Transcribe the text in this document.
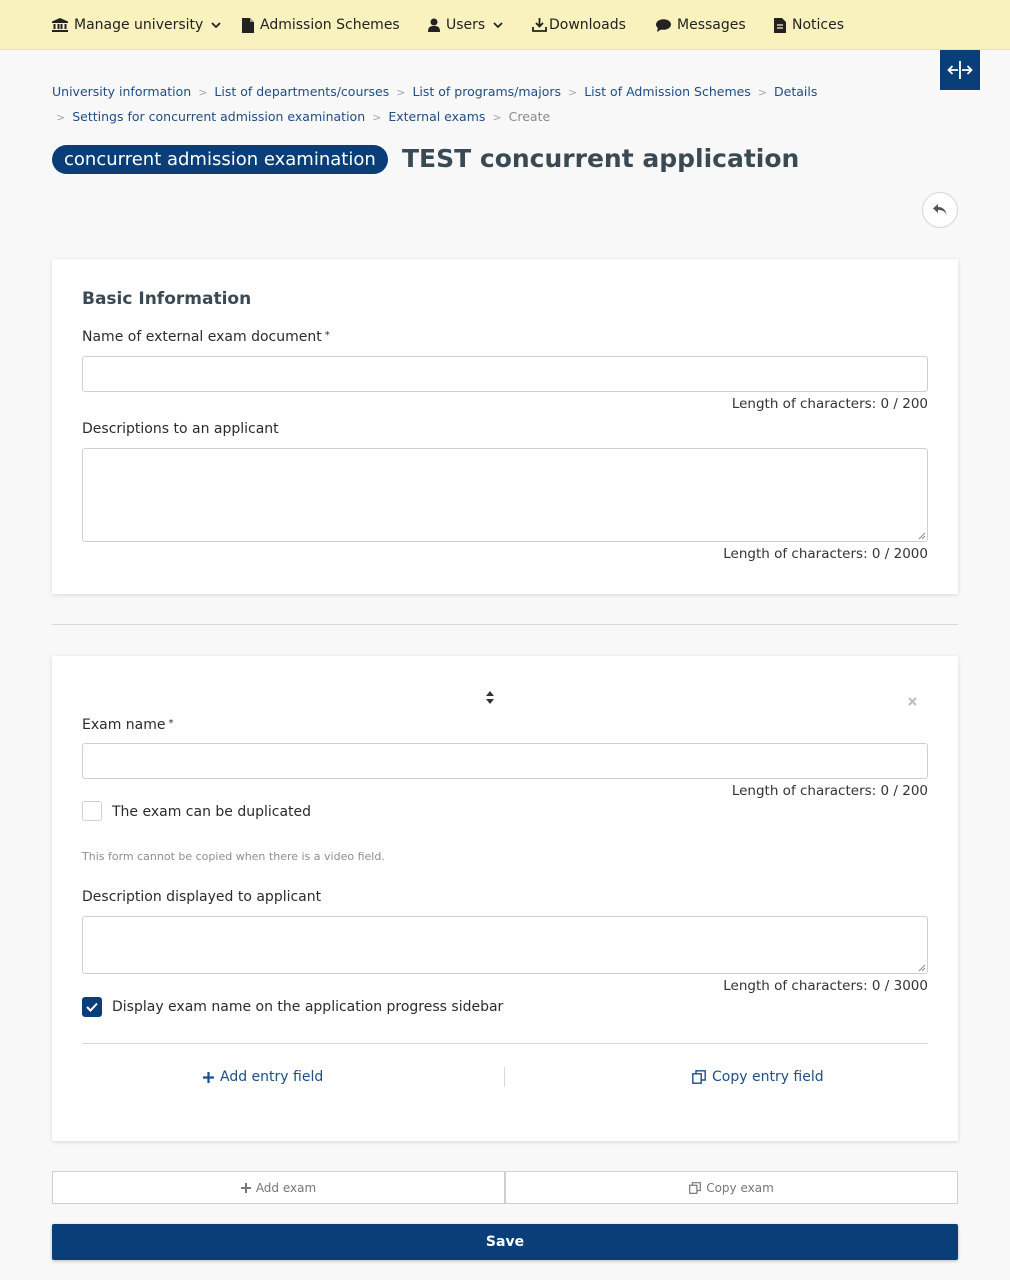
Manage university	Admission Schemes	Users	Downloads	Messages	Notices
University information > List of departments/courses > List of programs/majors > List of Admission Schemes > Details
> Settings for concurrent admission examination > External exams > Create
concurrent admission examination	TEST concurrent application
Basic Information
Name of external exam document *
Length of characters: 0 / 200
Descriptions to an applicant
Length of characters: 0 / 2000
Exam name *
Length of characters: 0 / 200
The exam can be duplicated
This form cannot be copied when there is a video field.
Description displayed to applicant
Length of characters: 0 / 3000
Display exam name on the application progress sidebar
Add entry field	Copy entry field
Add exam	Copy exam
Save
